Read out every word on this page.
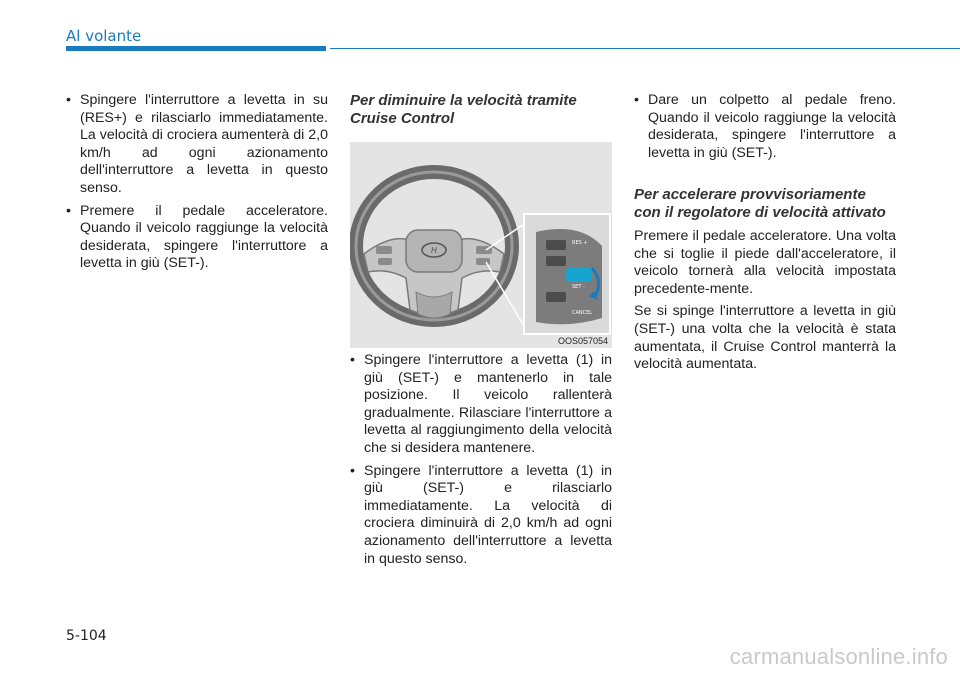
Al volante
• Spingere l'interruttore a levetta in su (RES+) e rilasciarlo immediatamente. La velocità di crociera aumenterà di 2,0 km/h ad ogni azionamento dell'interruttore a levetta in questo senso.
• Premere il pedale acceleratore. Quando il veicolo raggiunge la velocità desiderata, spingere l'interruttore a levetta in giù (SET-).
Per diminuire la velocità tramite Cruise Control
H
RES +
SET -
CANCEL
OOS057054
• Spingere l'interruttore a levetta (1) in giù (SET-) e mantenerlo in tale posizione. Il veicolo rallenterà gradualmente. Rilasciare l'interruttore a levetta al raggiungimento della velocità che si desidera mantenere.
• Spingere l'interruttore a levetta (1) in giù (SET-) e rilasciarlo immediatamente. La velocità di crociera diminuirà di 2,0 km/h ad ogni azionamento dell'interruttore a levetta in questo senso.
• Dare un colpetto al pedale freno. Quando il veicolo raggiunge la velocità desiderata, spingere l'interruttore a levetta in giù (SET-).
Per accelerare provvisoriamente con il regolatore di velocità attivato

Premere il pedale acceleratore. Una volta che si toglie il piede dall'acceleratore, il veicolo tornerà alla velocità impostata precedente-mente.

Se si spinge l'interruttore a levetta in giù (SET-) una volta che la velocità è stata aumentata, il Cruise Control manterrà la velocità aumentata.

5-104
carmanualsonline.info
